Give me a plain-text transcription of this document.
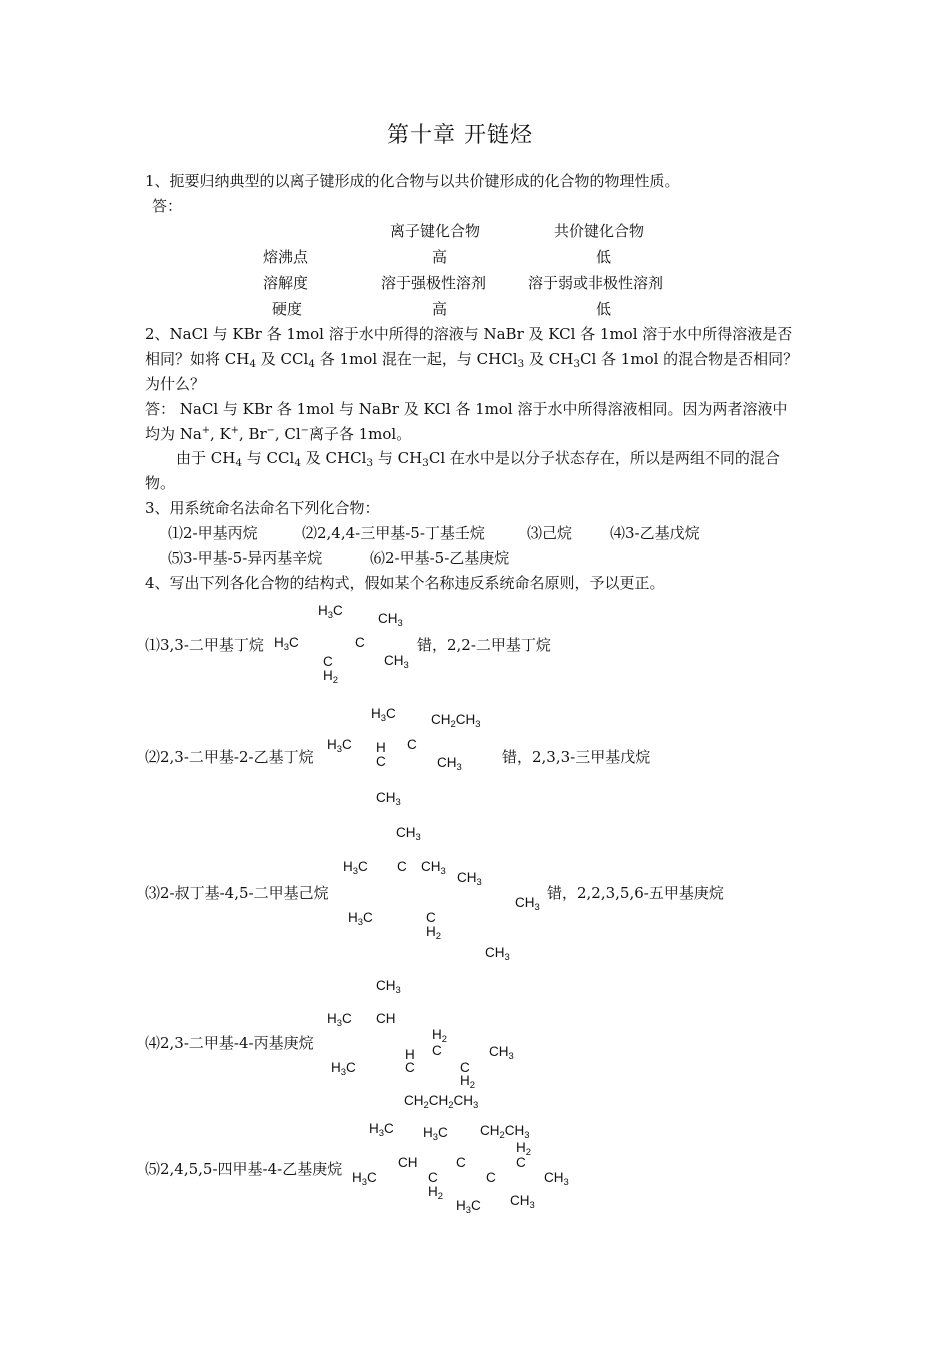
第十章 开链烃
1、扼要归纳典型的以离子键形成的化合物与以共价键形成的化合物的物理性质。
答：
离子键化合物	共价键化合物
熔沸点	高	低
溶解度	溶于强极性溶剂	溶于弱或非极性溶剂
硬度	高	低
2、NaCl 与 KBr 各 1mol 溶于水中所得的溶液与 NaBr 及 KCl 各 1mol 溶于水中所得溶液是否
相同？如将 $CH_4$ 及 CCl$_4$ 各 1mol 混在一起，与 CHCl$_3$ 及 $CH_3Cl$ 各 1mol 的混合物是否相同？
为什么？
答： NaCl 与 KBr 各 1mol 与 NaBr 及 KCl 各 1mol 溶于水中所得溶液相同。因为两者溶液中
均为 Na+, K+, Br−, Cl−离子各 1mol。
由于 $CH_4$ 与 CCl$_4$ 及 CHCl$_3$ 与 $CH_3Cl$ 在水中是以分子状态存在，所以是两组不同的混合
物。
3、用系统命名法命名下列化合物：
⑴2-甲基丙烷	⑵2,4,4-三甲基-5-丁基壬烷	⑶己烷	⑷3-乙基戊烷
⑸3-甲基-5-异丙基辛烷	⑹2-甲基-5-乙基庚烷
4、写出下列各化合物的结构式，假如某个名称违反系统命名原则，予以更正。
⑴3,3-二甲基丁烷
$H_3C$
$CH_3$
$H_3C$	C
$CH_3$
C
$H_2$
错，2,2-二甲基丁烷
⑵2,3-二甲基-2-乙基丁烷
$H_3C$	$CH_2CH_3$
$H_3C$ H C
C	$CH_3$
$CH_3$
错，2,3,3-三甲基戊烷
⑶2-叔丁基-4,5-二甲基己烷
$CH_3$
$H_3C$ C $CH_3$ $CH_3$
$CH_3$
$H_3C$	C
$H_2$
$CH_3$
错，2,2,3,5,6-五甲基庚烷
⑷2,3-二甲基-4-丙基庚烷
$CH_3$
$H_3C$ CH
$H_2$
C	$CH_3$
H
$H_3C$	C	C
$H_2$
$CH_2CH_2CH_3$
⑸2,4,5,5-四甲基-4-乙基庚烷
$H_3C$ $H_3C$ $CH_2CH_3$
$H_2$
CH	C	C
$H_3C$	C	C	$CH_3$
$H_2$	$CH_3$
$H_3C$
